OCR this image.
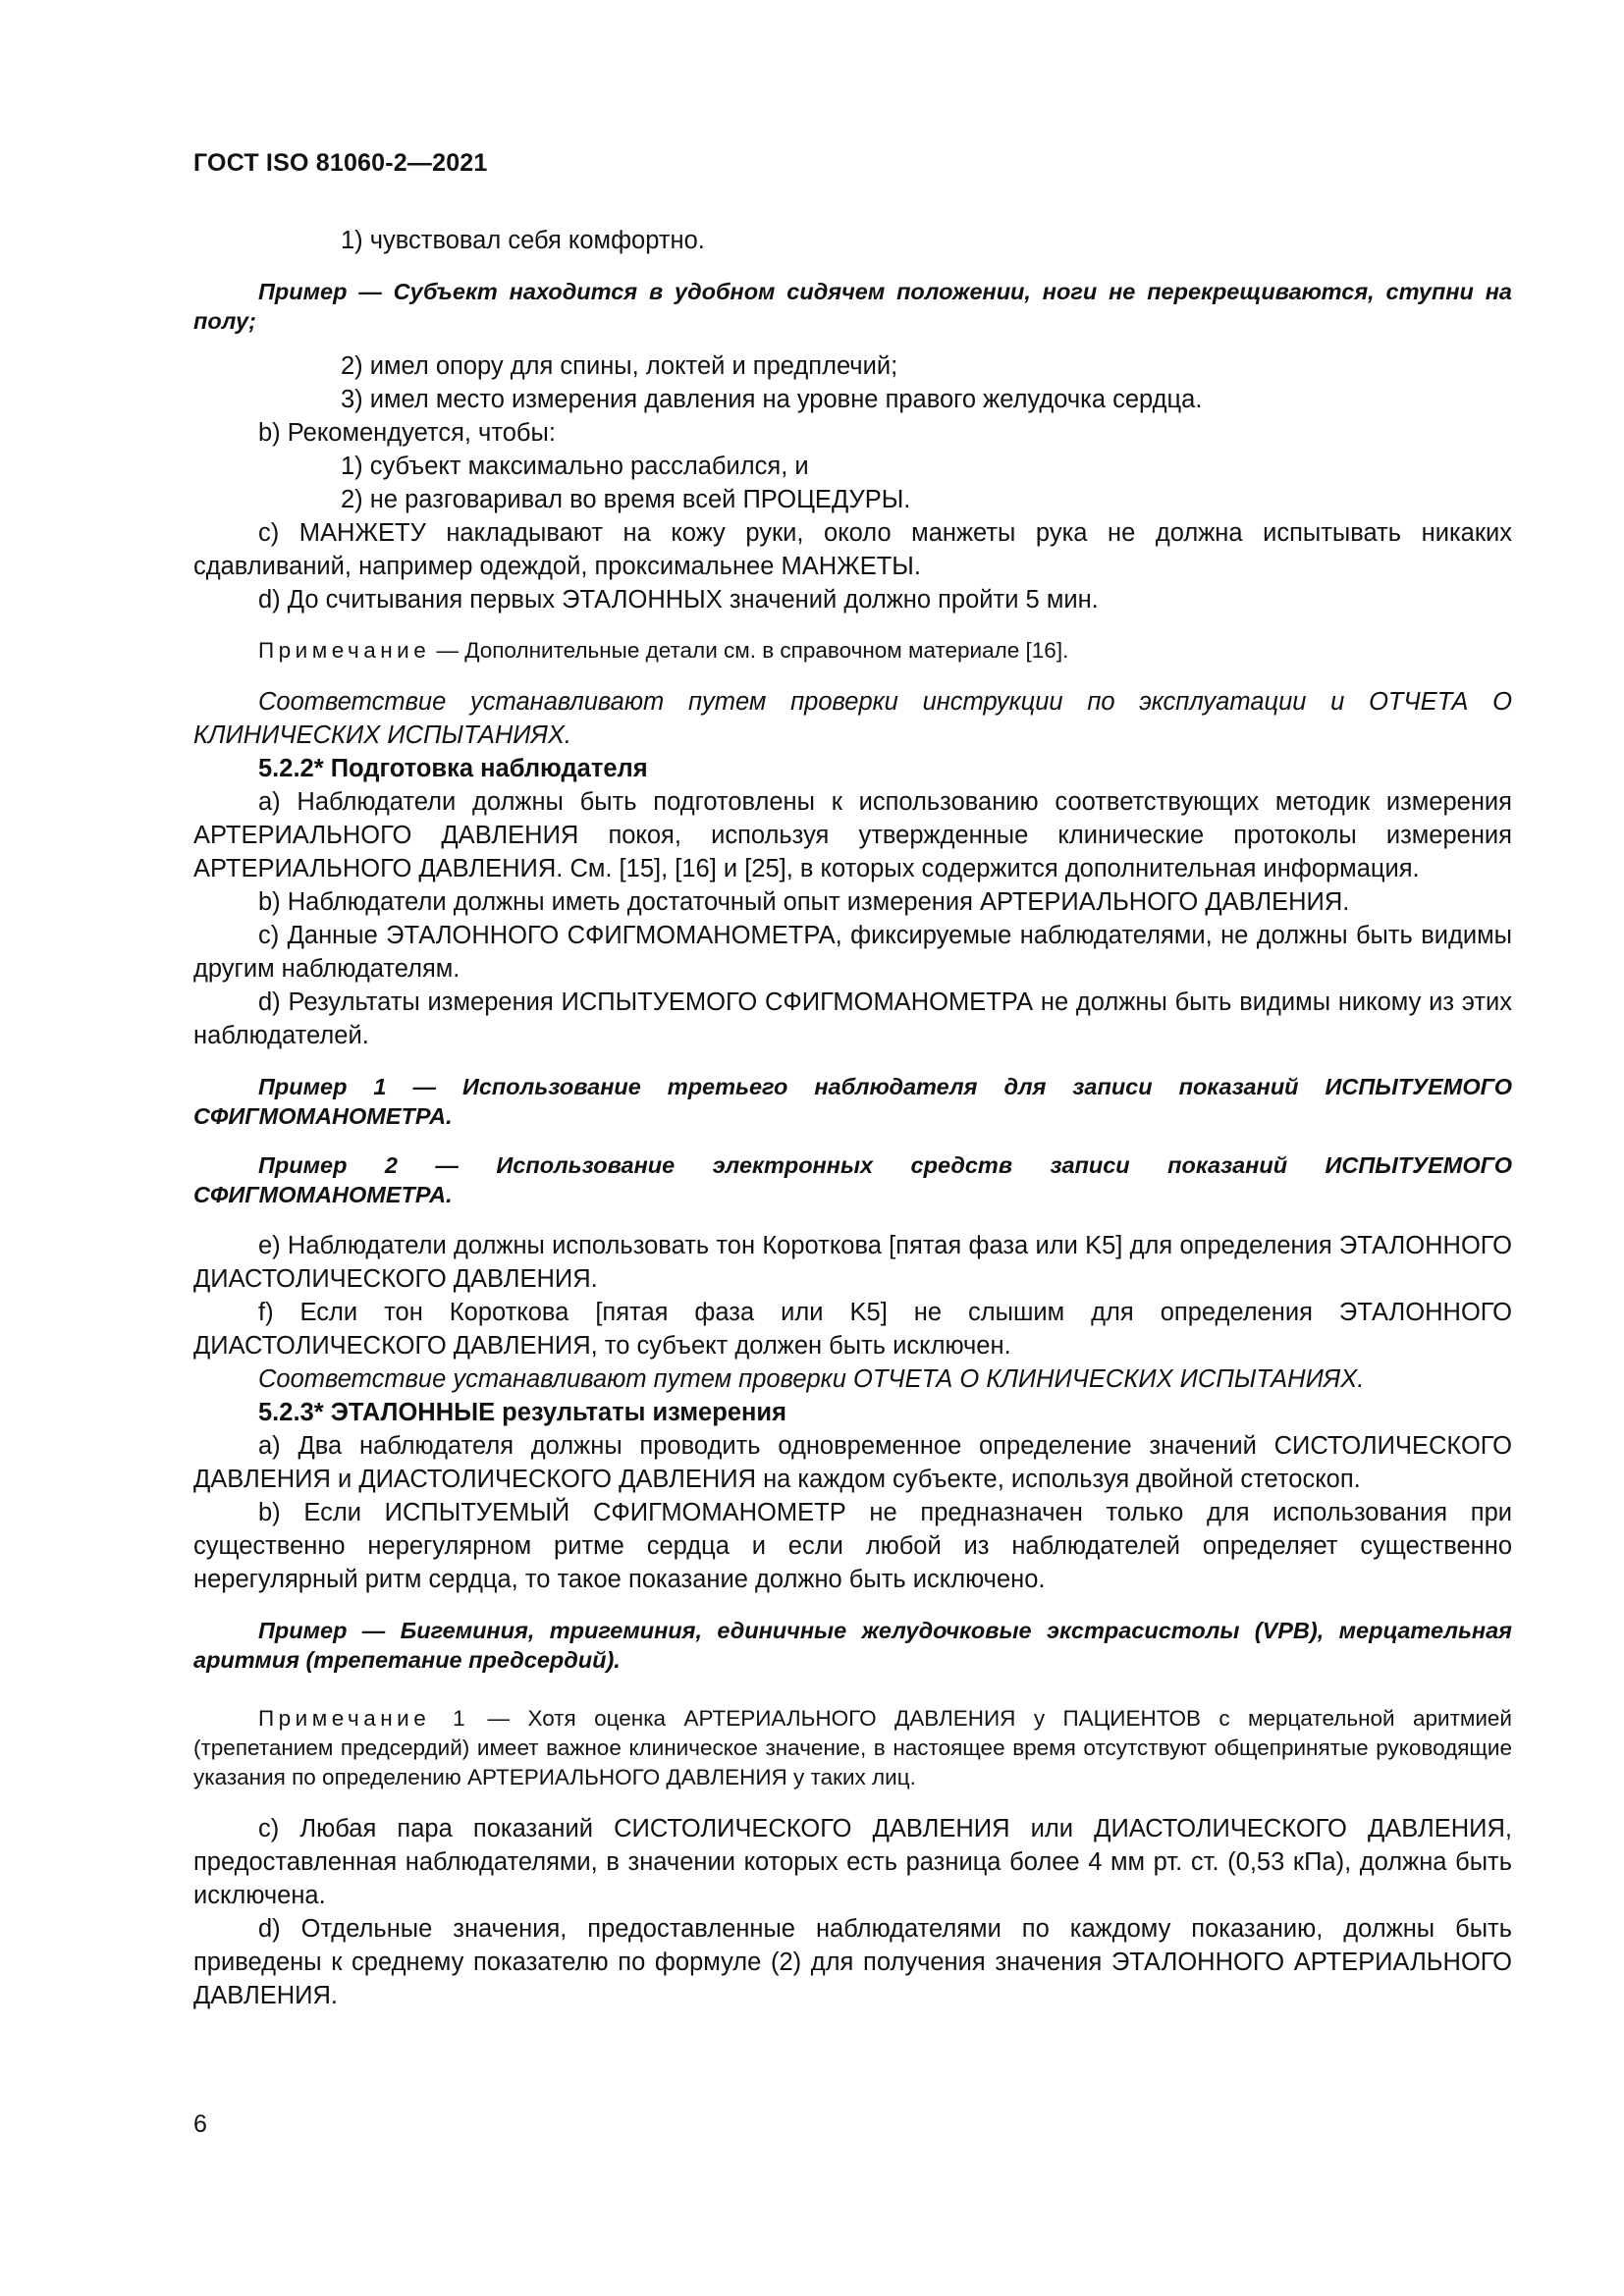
ГОСТ ISO 81060-2—2021

1) чувствовал себя комфортно.

Пример — Субъект находится в удобном сидячем положении, ноги не перекрещиваются, ступни на полу;

2) имел опору для спины, локтей и предплечий;

3) имел место измерения давления на уровне правого желудочка сердца.

b) Рекомендуется, чтобы:

1) субъект максимально расслабился, и

2) не разговаривал во время всей ПРОЦЕДУРЫ.

c) МАНЖЕТУ накладывают на кожу руки, около манжеты рука не должна испытывать никаких сдавливаний, например одеждой, проксимальнее МАНЖЕТЫ.

d) До считывания первых ЭТАЛОННЫХ значений должно пройти 5 мин.

Примечание — Дополнительные детали см. в справочном материале [16].

Соответствие устанавливают путем проверки инструкции по эксплуатации и ОТЧЕТА О КЛИНИЧЕСКИХ ИСПЫТАНИЯХ.

5.2.2* Подготовка наблюдателя

a) Наблюдатели должны быть подготовлены к использованию соответствующих методик измерения АРТЕРИАЛЬНОГО ДАВЛЕНИЯ покоя, используя утвержденные клинические протоколы измерения АРТЕРИАЛЬНОГО ДАВЛЕНИЯ. См. [15], [16] и [25], в которых содержится дополнительная информация.

b) Наблюдатели должны иметь достаточный опыт измерения АРТЕРИАЛЬНОГО ДАВЛЕНИЯ.

c) Данные ЭТАЛОННОГО СФИГМОМАНОМЕТРА, фиксируемые наблюдателями, не должны быть видимы другим наблюдателям.

d) Результаты измерения ИСПЫТУЕМОГО СФИГМОМАНОМЕТРА не должны быть видимы никому из этих наблюдателей.

Пример 1 — Использование третьего наблюдателя для записи показаний ИСПЫТУЕМОГО СФИГМОМАНОМЕТРА.

Пример 2 — Использование электронных средств записи показаний ИСПЫТУЕМОГО СФИГМОМАНОМЕТРА.

e) Наблюдатели должны использовать тон Короткова [пятая фаза или K5] для определения ЭТАЛОННОГО ДИАСТОЛИЧЕСКОГО ДАВЛЕНИЯ.

f) Если тон Короткова [пятая фаза или K5] не слышим для определения ЭТАЛОННОГО ДИАСТОЛИЧЕСКОГО ДАВЛЕНИЯ, то субъект должен быть исключен.

Соответствие устанавливают путем проверки ОТЧЕТА О КЛИНИЧЕСКИХ ИСПЫТАНИЯХ.

5.2.3* ЭТАЛОННЫЕ результаты измерения

a) Два наблюдателя должны проводить одновременное определение значений СИСТОЛИЧЕСКОГО ДАВЛЕНИЯ и ДИАСТОЛИЧЕСКОГО ДАВЛЕНИЯ на каждом субъекте, используя двойной стетоскоп.

b) Если ИСПЫТУЕМЫЙ СФИГМОМАНОМЕТР не предназначен только для использования при существенно нерегулярном ритме сердца и если любой из наблюдателей определяет существенно нерегулярный ритм сердца, то такое показание должно быть исключено.

Пример — Бигеминия, тригеминия, единичные желудочковые экстрасистолы (VPB), мерцательная аритмия (трепетание предсердий).

Примечание 1 — Хотя оценка АРТЕРИАЛЬНОГО ДАВЛЕНИЯ у ПАЦИЕНТОВ с мерцательной аритмией (трепетанием предсердий) имеет важное клиническое значение, в настоящее время отсутствуют общепринятые руководящие указания по определению АРТЕРИАЛЬНОГО ДАВЛЕНИЯ у таких лиц.

c) Любая пара показаний СИСТОЛИЧЕСКОГО ДАВЛЕНИЯ или ДИАСТОЛИЧЕСКОГО ДАВЛЕНИЯ, предоставленная наблюдателями, в значении которых есть разница более 4 мм рт. ст. (0,53 кПа), должна быть исключена.

d) Отдельные значения, предоставленные наблюдателями по каждому показанию, должны быть приведены к среднему показателю по формуле (2) для получения значения ЭТАЛОННОГО АРТЕРИАЛЬНОГО ДАВЛЕНИЯ.

6
